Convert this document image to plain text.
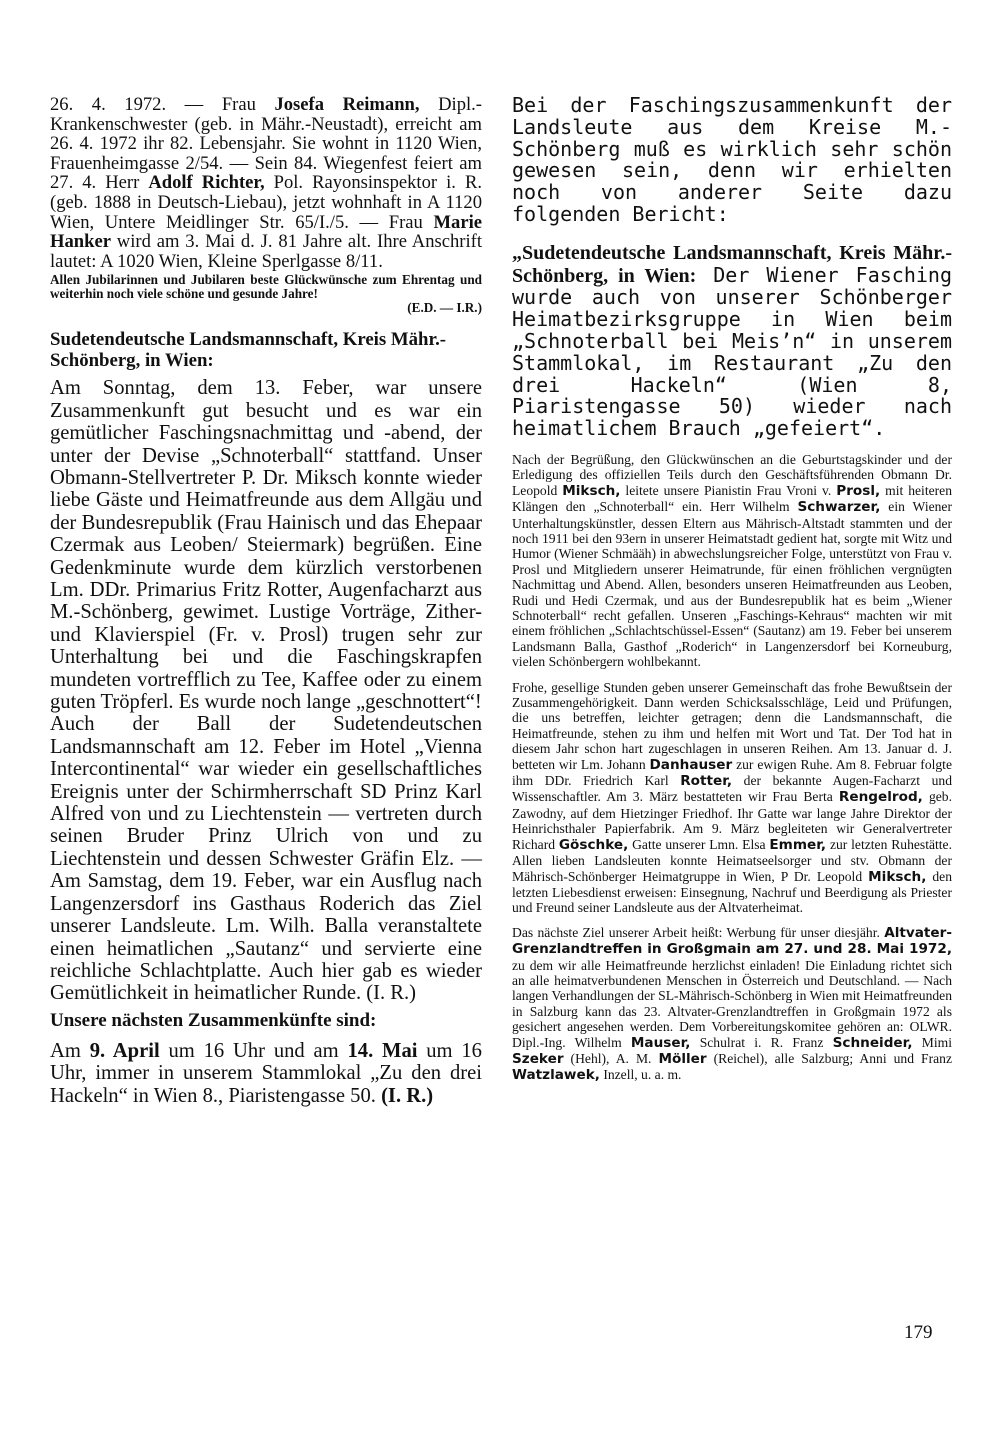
26. 4. 1972. — Frau Josefa Reimann, Dipl.-Krankenschwester (geb. in Mähr.-Neustadt), erreicht am 26. 4. 1972 ihr 82. Lebensjahr. Sie wohnt in 1120 Wien, Frauenheimgasse 2/54. — Sein 84. Wiegenfest feiert am 27. 4. Herr Adolf Richter, Pol. Rayonsinspektor i. R. (geb. 1888 in Deutsch-Liebau), jetzt wohnhaft in A 1120 Wien, Untere Meidlinger Str. 65/I./5. — Frau Marie Hanker wird am 3. Mai d. J. 81 Jahre alt. Ihre Anschrift lautet: A 1020 Wien, Kleine Sperlgasse 8/11.

Allen Jubilarinnen und Jubilaren beste Glückwünsche zum Ehrentag und weiterhin noch viele schöne und gesunde Jahre!

(E.D. — I.R.)

Sudetendeutsche Landsmannschaft, Kreis Mähr.-Schönberg, in Wien:

Am Sonntag, dem 13. Feber, war unsere Zusammenkunft gut besucht und es war ein gemütlicher Faschingsnachmittag und -abend, der unter der Devise „Schnoterball“ stattfand. Unser Obmann-Stellvertreter P. Dr. Miksch konnte wieder liebe Gäste und Heimatfreunde aus dem Allgäu und der Bundesrepublik (Frau Hainisch und das Ehepaar Czermak aus Leoben/ Steiermark) begrüßen. Eine Gedenkminute wurde dem kürzlich verstorbenen Lm. DDr. Primarius Fritz Rotter, Augenfacharzt aus M.-Schönberg, gewimet. Lustige Vorträge, Zither- und Klavierspiel (Fr. v. Prosl) trugen sehr zur Unterhaltung bei und die Faschingskrapfen mundeten vortrefflich zu Tee, Kaffee oder zu einem guten Tröpferl. Es wurde noch lange „geschnottert“!

Auch der Ball der Sudetendeutschen Landsmannschaft am 12. Feber im Hotel „Vienna Intercontinental“ war wieder ein gesellschaftliches Ereignis unter der Schirmherrschaft SD Prinz Karl Alfred von und zu Liechtenstein — vertreten durch seinen Bruder Prinz Ulrich von und zu Liechtenstein und dessen Schwester Gräfin Elz. — Am Samstag, dem 19. Feber, war ein Ausflug nach Langenzersdorf ins Gasthaus Roderich das Ziel unserer Landsleute. Lm. Wilh. Balla veranstaltete einen heimatlichen „Sautanz“ und servierte eine reichliche Schlachtplatte. Auch hier gab es wieder Gemütlichkeit in heimatlicher Runde. (I. R.)

Unsere nächsten Zusammenkünfte sind:

Am 9. April um 16 Uhr und am 14. Mai um 16 Uhr, immer in unserem Stammlokal „Zu den drei Hackeln“ in Wien 8., Piaristengasse 50. (I. R.)

Bei der Faschingszusammenkunft der Landsleute aus dem Kreise M.-Schönberg muß es wirklich sehr schön gewesen sein, denn wir erhielten noch von anderer Seite dazu folgenden Bericht:

„Sudetendeutsche Landsmannschaft, Kreis Mähr.-Schönberg, in Wien: Der Wiener Fasching wurde auch von unserer Schönberger Heimatbezirksgruppe in Wien beim „Schnoterball bei Meis’n“ in unserem Stammlokal, im Restaurant „Zu den drei Hackeln“ (Wien 8, Piaristengasse 50) wieder nach heimatlichem Brauch „gefeiert“.

Nach der Begrüßung, den Glückwünschen an die Geburtstagskinder und der Erledigung des offiziellen Teils durch den Geschäftsführenden Obmann Dr. Leopold Miksch, leitete unsere Pianistin Frau Vroni v. Prosl, mit heiteren Klängen den „Schnoterball“ ein. Herr Wilhelm Schwarzer, ein Wiener Unterhaltungskünstler, dessen Eltern aus Mährisch-Altstadt stammten und der noch 1911 bei den 93ern in unserer Heimatstadt gedient hat, sorgte mit Witz und Humor (Wiener Schmääh) in abwechslungsreicher Folge, unterstützt von Frau v. Prosl und Mitgliedern unserer Heimatrunde, für einen fröhlichen vergnügten Nachmittag und Abend. Allen, besonders unseren Heimatfreunden aus Leoben, Rudi und Hedi Czermak, und aus der Bundesrepublik hat es beim „Wiener Schnoterball“ recht gefallen. Unseren „Faschings-Kehraus“ machten wir mit einem fröhlichen „Schlachtschüssel-Essen“ (Sautanz) am 19. Feber bei unserem Landsmann Balla, Gasthof „Roderich“ in Langenzersdorf bei Korneuburg, vielen Schönbergern wohlbekannt.

Frohe, gesellige Stunden geben unserer Gemeinschaft das frohe Bewußtsein der Zusammengehörigkeit. Dann werden Schicksalsschläge, Leid und Prüfungen, die uns betreffen, leichter getragen; denn die Landsmannschaft, die Heimatfreunde, stehen zu ihm und helfen mit Wort und Tat. Der Tod hat in diesem Jahr schon hart zugeschlagen in unseren Reihen. Am 13. Januar d. J. betteten wir Lm. Johann Danhauser zur ewigen Ruhe. Am 8. Februar folgte ihm DDr. Friedrich Karl Rotter, der bekannte Augen-Facharzt und Wissenschaftler. Am 3. März bestatteten wir Frau Berta Rengelrod, geb. Zawodny, auf dem Hietzinger Friedhof. Ihr Gatte war lange Jahre Direktor der Heinrichsthaler Papierfabrik. Am 9. März begleiteten wir Generalvertreter Richard Göschke, Gatte unserer Lmn. Elsa Emmer, zur letzten Ruhestätte. Allen lieben Landsleuten konnte Heimatseelsorger und stv. Obmann der Mährisch-Schönberger Heimatgruppe in Wien, P Dr. Leopold Miksch, den letzten Liebesdienst erweisen: Einsegnung, Nachruf und Beerdigung als Priester und Freund seiner Landsleute aus der Altvaterheimat.

Das nächste Ziel unserer Arbeit heißt: Werbung für unser diesjähr. Altvater-Grenzlandtreffen in Großgmain am 27. und 28. Mai 1972, zu dem wir alle Heimatfreunde herzlichst einladen! Die Einladung richtet sich an alle heimatverbundenen Menschen in Österreich und Deutschland. — Nach langen Verhandlungen der SL-Mährisch-Schönberg in Wien mit Heimatfreunden in Salzburg kann das 23. Altvater-Grenzlandtreffen in Großgmain 1972 als gesichert angesehen werden. Dem Vorbereitungskomitee gehören an: OLWR. Dipl.-Ing. Wilhelm Mauser, Schulrat i. R. Franz Schneider, Mimi Szeker (Hehl), A. M. Möller (Reichel), alle Salzburg; Anni und Franz Watzlawek, Inzell, u. a. m.

179
